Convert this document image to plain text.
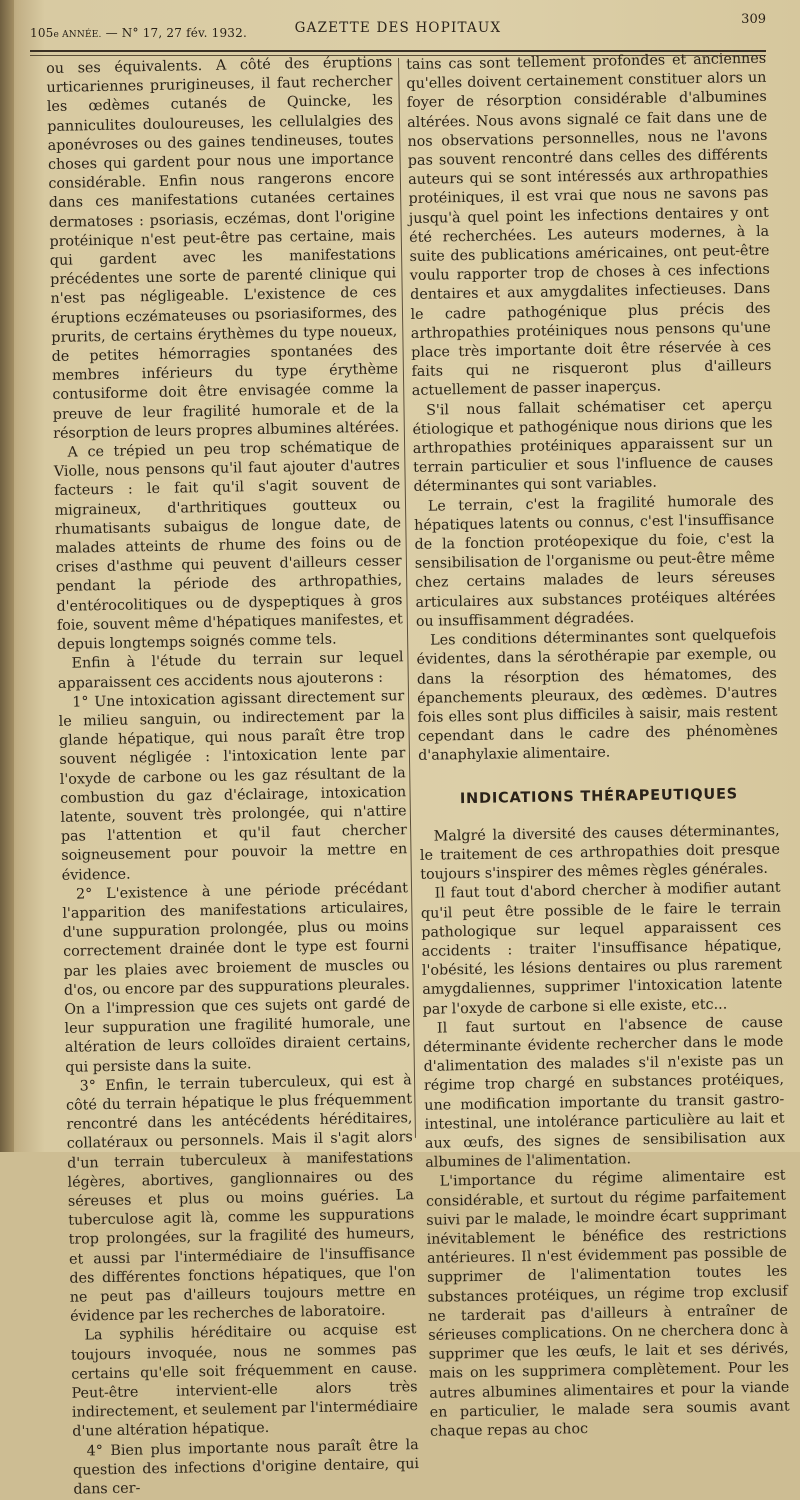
105e ANNÉE. — N° 17, 27 fév. 1932.	GAZETTE DES HOPITAUX
309

ou ses équivalents. A côté des éruptions urticariennes prurigineuses, il faut rechercher les œdèmes cutanés de Quincke, les panniculites douloureuses, les cellulalgies des aponévroses ou des gaines tendineuses, toutes choses qui gardent pour nous une importance considérable. Enfin nous rangerons encore dans ces manifestations cutanées certaines dermatoses : psoriasis, eczémas, dont l'origine protéinique n'est peut-être pas certaine, mais qui gardent avec les manifestations précédentes une sorte de parenté clinique qui n'est pas négligeable. L'existence de ces éruptions eczémateuses ou psoriasiformes, des prurits, de certains érythèmes du type noueux, de petites hémorragies spontanées des membres inférieurs du type érythème contusiforme doit être envisagée comme la preuve de leur fragilité humorale et de la résorption de leurs propres albumines altérées.

A ce trépied un peu trop schématique de Violle, nous pensons qu'il faut ajouter d'autres facteurs : le fait qu'il s'agit souvent de migraineux, d'arthritiques goutteux ou rhumatisants subaigus de longue date, de malades atteints de rhume des foins ou de crises d'asthme qui peuvent d'ailleurs cesser pendant la période des arthropathies, d'entérocolitiques ou de dyspeptiques à gros foie, souvent même d'hépatiques manifestes, et depuis longtemps soignés comme tels.

Enfin à l'étude du terrain sur lequel apparaissent ces accidents nous ajouterons :

1° Une intoxication agissant directement sur le milieu sanguin, ou indirectement par la glande hépatique, qui nous paraît être trop souvent négligée : l'intoxication lente par l'oxyde de carbone ou les gaz résultant de la combustion du gaz d'éclairage, intoxication latente, souvent très prolongée, qui n'attire pas l'attention et qu'il faut chercher soigneusement pour pouvoir la mettre en évidence.

2° L'existence à une période précédant l'apparition des manifestations articulaires, d'une suppuration prolongée, plus ou moins correctement drainée dont le type est fourni par les plaies avec broiement de muscles ou d'os, ou encore par des suppurations pleurales. On a l'impression que ces sujets ont gardé de leur suppuration une fragilité humorale, une altération de leurs colloïdes diraient certains, qui persiste dans la suite.

3° Enfin, le terrain tuberculeux, qui est à côté du terrain hépatique le plus fréquemment rencontré dans les antécédents héréditaires, collatéraux ou personnels. Mais il s'agit alors d'un terrain tuberculeux à manifestations légères, abortives, ganglionnaires ou des séreuses et plus ou moins guéries. La tuberculose agit là, comme les suppurations trop prolongées, sur la fragilité des humeurs, et aussi par l'intermédiaire de l'insuffisance des différentes fonctions hépatiques, que l'on ne peut pas d'ailleurs toujours mettre en évidence par les recherches de laboratoire.

La syphilis héréditaire ou acquise est toujours invoquée, nous ne sommes pas certains qu'elle soit fréquemment en cause. Peut-être intervient-elle alors très indirectement, et seulement par l'intermédiaire d'une altération hépatique.

4° Bien plus importante nous paraît être la question des infections d'origine dentaire, qui dans cer-

tains cas sont tellement profondes et anciennes qu'elles doivent certainement constituer alors un foyer de résorption considérable d'albumines altérées. Nous avons signalé ce fait dans une de nos observations personnelles, nous ne l'avons pas souvent rencontré dans celles des différents auteurs qui se sont intéressés aux arthropathies protéiniques, il est vrai que nous ne savons pas jusqu'à quel point les infections dentaires y ont été recherchées. Les auteurs modernes, à la suite des publications américaines, ont peut-être voulu rapporter trop de choses à ces infections dentaires et aux amygdalites infectieuses. Dans le cadre pathogénique plus précis des arthropathies protéiniques nous pensons qu'une place très importante doit être réservée à ces faits qui ne risqueront plus d'ailleurs actuellement de passer inaperçus.

S'il nous fallait schématiser cet aperçu étiologique et pathogénique nous dirions que les arthropathies protéiniques apparaissent sur un terrain particulier et sous l'influence de causes déterminantes qui sont variables.

Le terrain, c'est la fragilité humorale des hépatiques latents ou connus, c'est l'insuffisance de la fonction protéopexique du foie, c'est la sensibilisation de l'organisme ou peut-être même chez certains malades de leurs séreuses articulaires aux substances protéiques altérées ou insuffisamment dégradées.

Les conditions déterminantes sont quelquefois évidentes, dans la sérothérapie par exemple, ou dans la résorption des hématomes, des épanchements pleuraux, des œdèmes. D'autres fois elles sont plus difficiles à saisir, mais restent cependant dans le cadre des phénomènes d'anaphylaxie alimentaire.

INDICATIONS THÉRAPEUTIQUES

Malgré la diversité des causes déterminantes, le traitement de ces arthropathies doit presque toujours s'inspirer des mêmes règles générales.

Il faut tout d'abord chercher à modifier autant qu'il peut être possible de le faire le terrain pathologique sur lequel apparaissent ces accidents : traiter l'insuffisance hépatique, l'obésité, les lésions dentaires ou plus rarement amygdaliennes, supprimer l'intoxication latente par l'oxyde de carbone si elle existe, etc...

Il faut surtout en l'absence de cause déterminante évidente rechercher dans le mode d'alimentation des malades s'il n'existe pas un régime trop chargé en substances protéiques, une modification importante du transit gastro-intestinal, une intolérance particulière au lait et aux œufs, des signes de sensibilisation aux albumines de l'alimentation.

L'importance du régime alimentaire est considérable, et surtout du régime parfaitement suivi par le malade, le moindre écart supprimant inévitablement le bénéfice des restrictions antérieures. Il n'est évidemment pas possible de supprimer de l'alimentation toutes les substances protéiques, un régime trop exclusif ne tarderait pas d'ailleurs à entraîner de sérieuses complications. On ne cherchera donc à supprimer que les œufs, le lait et ses dérivés, mais on les supprimera complètement. Pour les autres albumines alimentaires et pour la viande en particulier, le malade sera soumis avant chaque repas au choc
